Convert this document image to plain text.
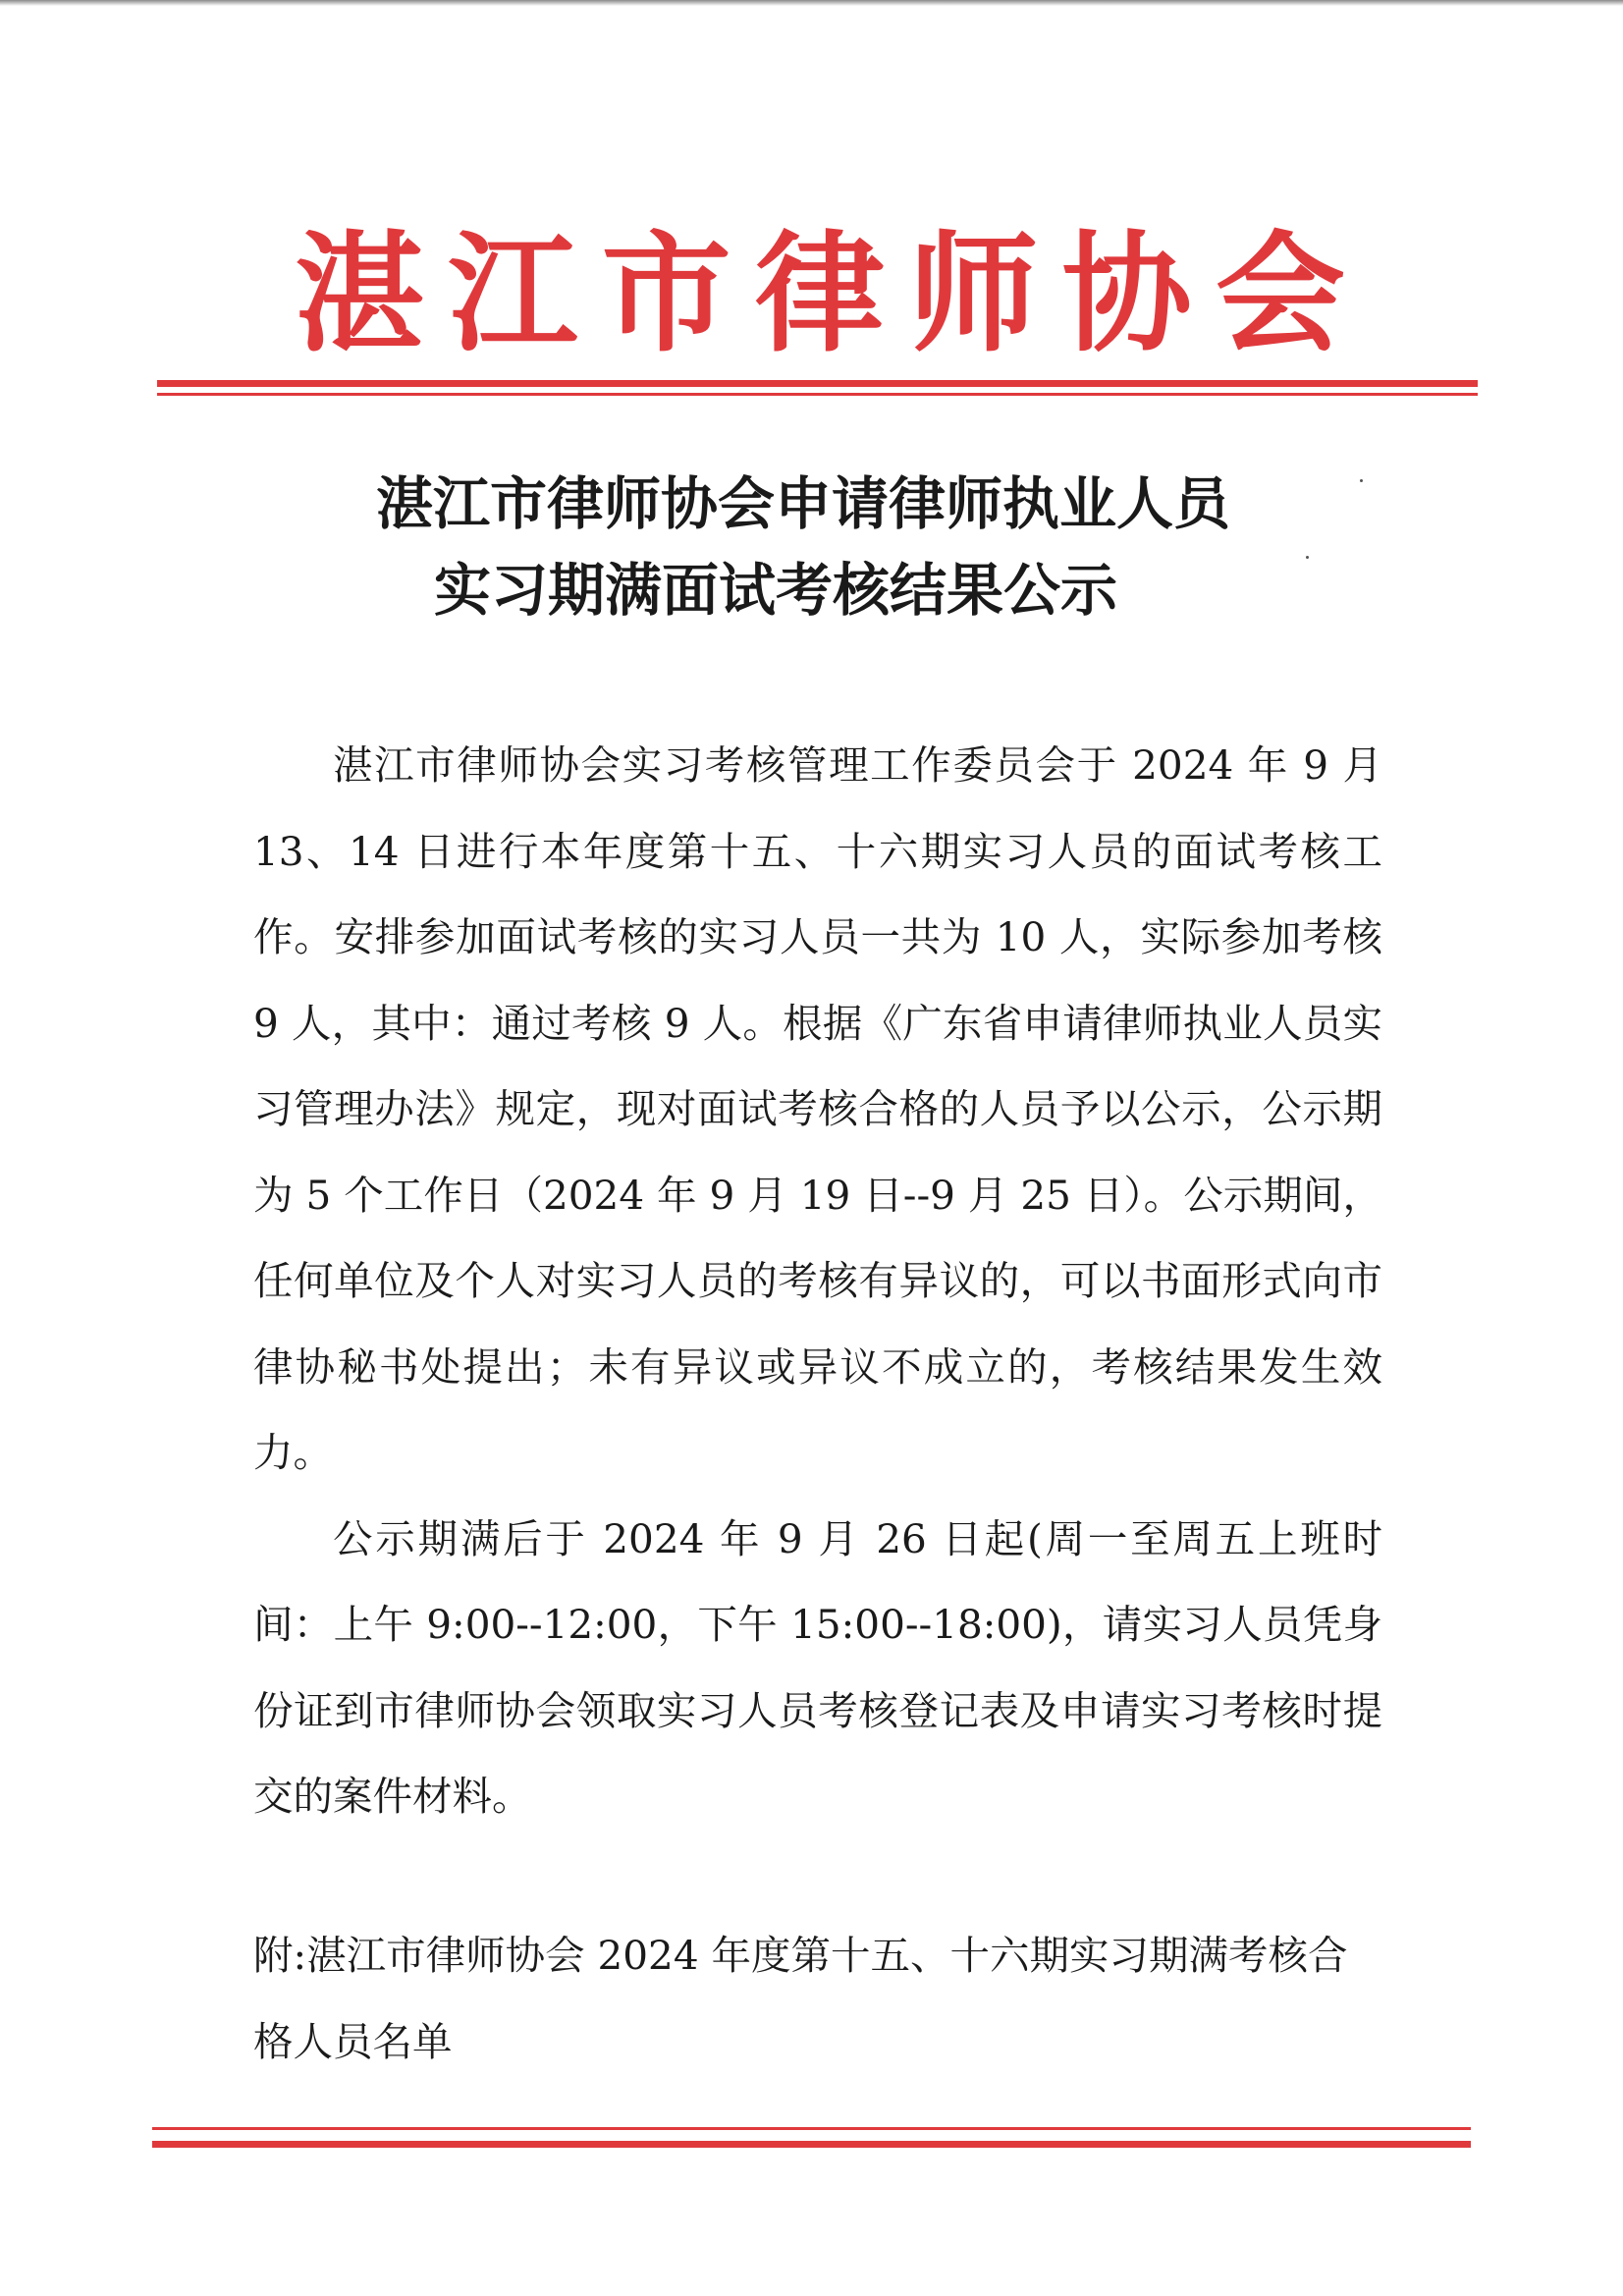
湛 江 市 律 师 协 会
湛江市律师协会申请律师执业人员
实习期满面试考核结果公示

湛江市律师协会实习考核管理工作委员会于 2024 年 9 月 13、14 日进行本年度第十五、十六期实习人员的面试考核工作。安排参加面试考核的实习人员一共为 10 人，实际参加考核 9 人，其中：通过考核 9 人。根据《广东省申请律师执业人员实习管理办法》规定，现对面试考核合格的人员予以公示，公示期为 5 个工作日（2024 年 9 月 19 日--9 月 25 日）。公示期间，任何单位及个人对实习人员的考核有异议的，可以书面形式向市律协秘书处提出；未有异议或异议不成立的，考核结果发生效力。

公示期满后于 2024 年 9 月 26 日起(周一至周五上班时间：上午 9:00--12:00，下午 15:00--18:00)，请实习人员凭身份证到市律师协会领取实习人员考核登记表及申请实习考核时提交的案件材料。

附:湛江市律师协会 2024 年度第十五、十六期实习期满考核合格人员名单
